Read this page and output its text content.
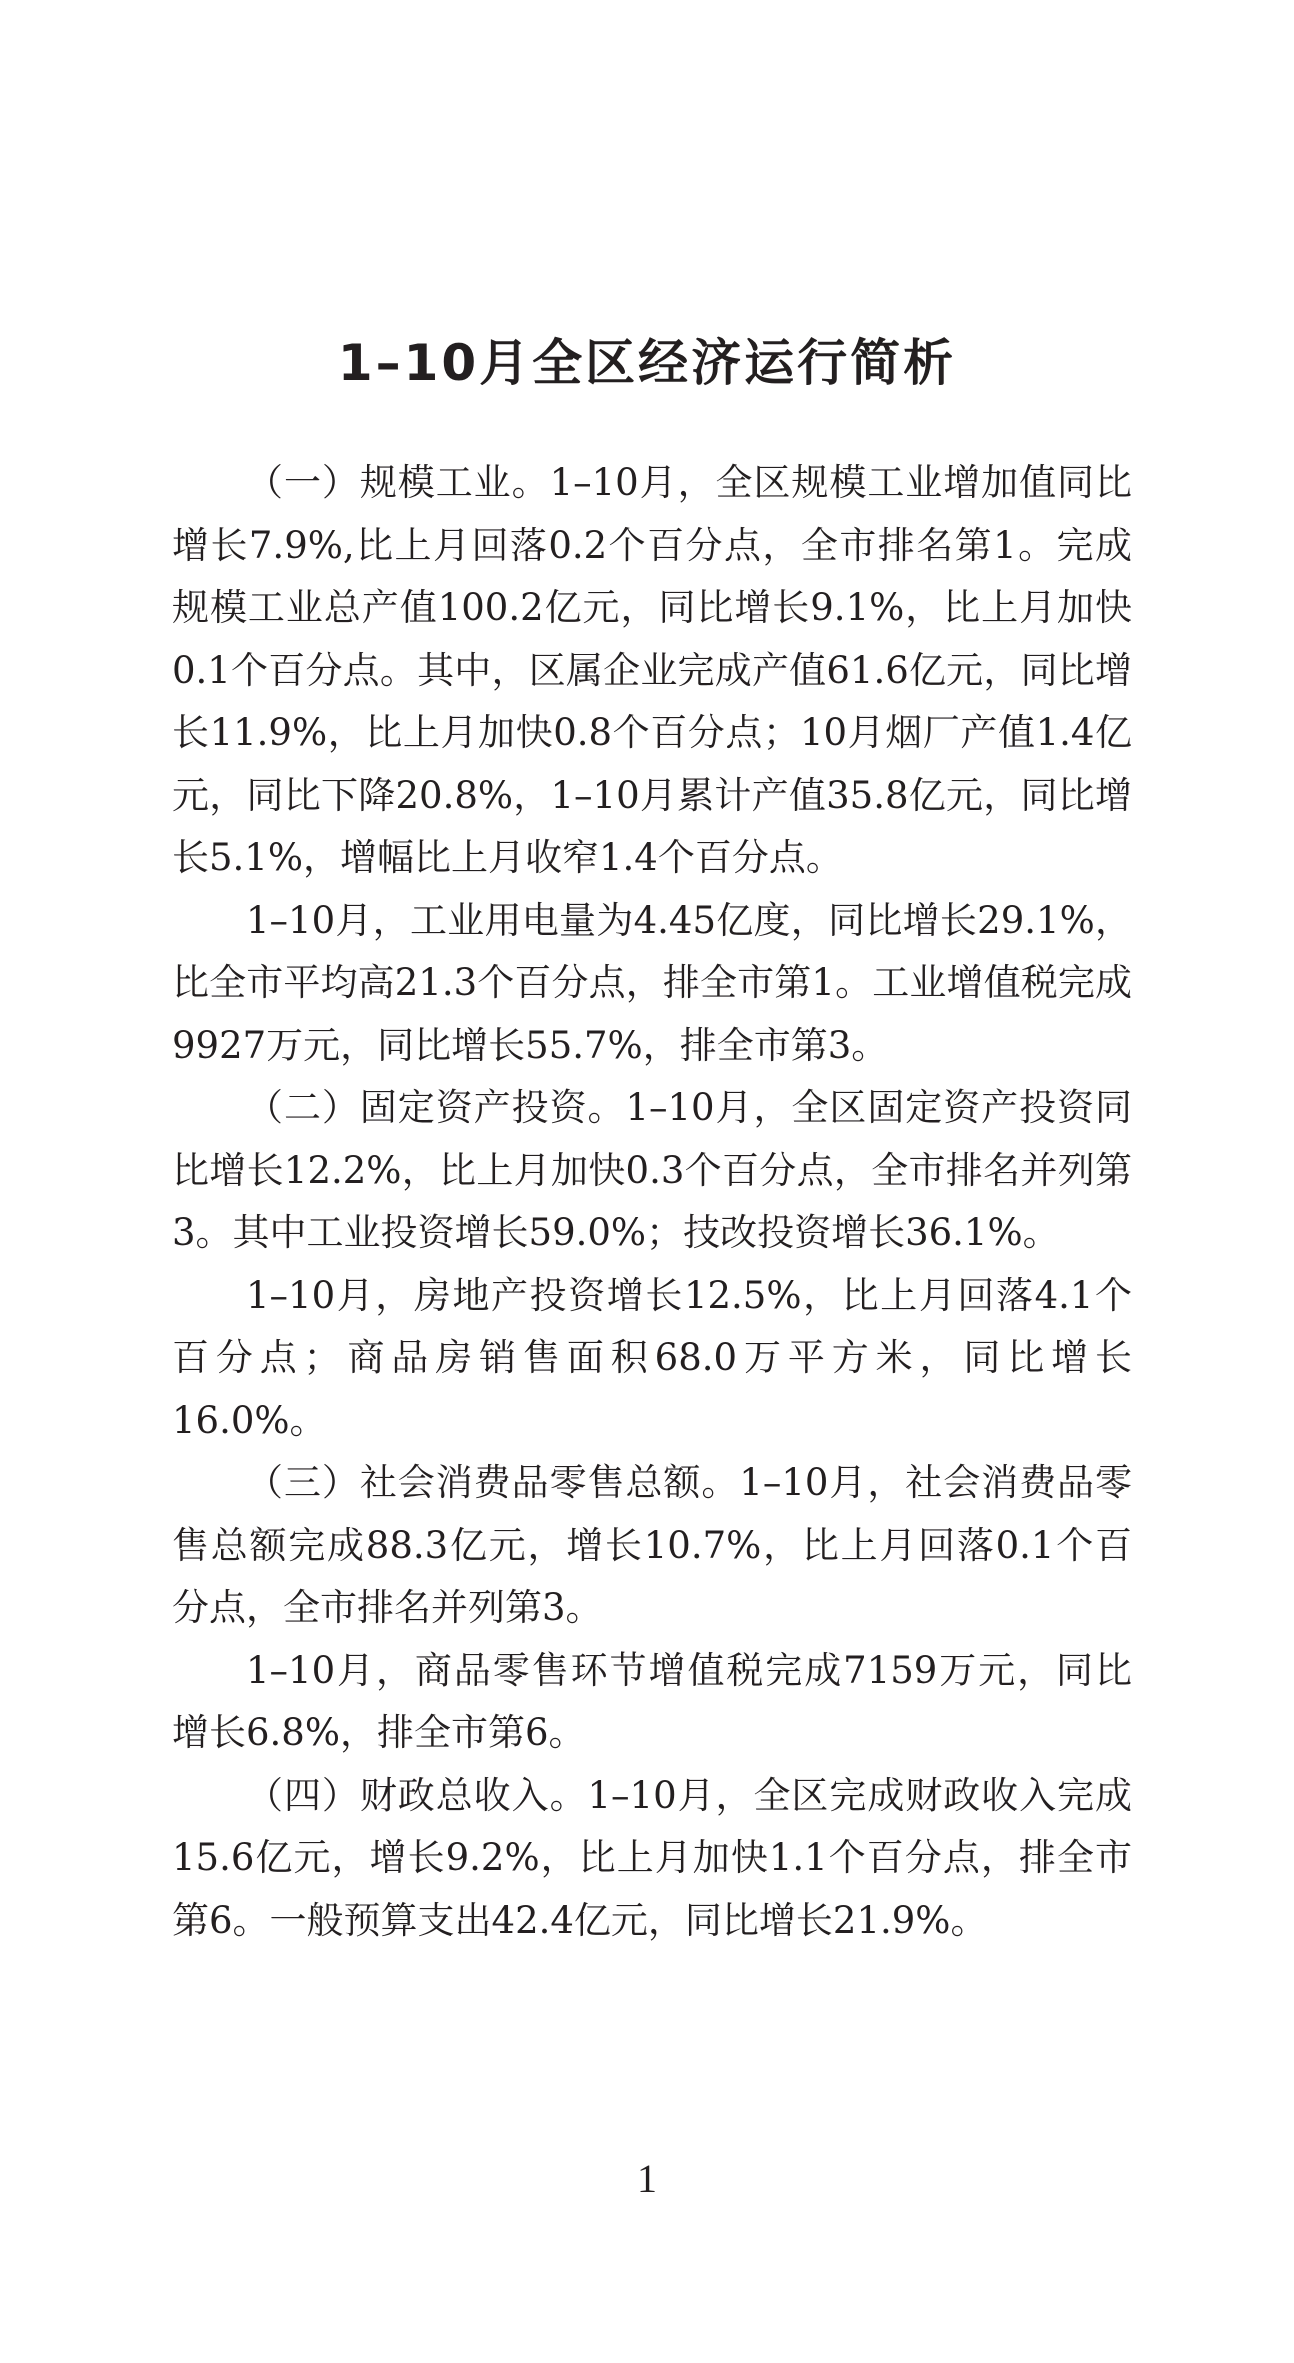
1–10月全区经济运行简析

（一）规模工业。1–10月，全区规模工业增加值同比增长7.9%,比上月回落0.2个百分点，全市排名第1。完成规模工业总产值100.2亿元，同比增长9.1%，比上月加快0.1个百分点。其中，区属企业完成产值61.6亿元，同比增长11.9%，比上月加快0.8个百分点；10月烟厂产值1.4亿元，同比下降20.8%，1–10月累计产值35.8亿元，同比增长5.1%，增幅比上月收窄1.4个百分点。

1–10月，工业用电量为4.45亿度，同比增长29.1%，比全市平均高21.3个百分点，排全市第1。工业增值税完成9927万元，同比增长55.7%，排全市第3。

（二）固定资产投资。1–10月，全区固定资产投资同比增长12.2%，比上月加快0.3个百分点，全市排名并列第3。其中工业投资增长59.0%；技改投资增长36.1%。

1–10月，房地产投资增长12.5%，比上月回落4.1个百分点；商品房销售面积68.0万平方米，同比增长16.0%。

（三）社会消费品零售总额。1–10月，社会消费品零售总额完成88.3亿元，增长10.7%，比上月回落0.1个百分点，全市排名并列第3。

1–10月，商品零售环节增值税完成7159万元，同比增长6.8%，排全市第6。

（四）财政总收入。1–10月，全区完成财政收入完成15.6亿元，增长9.2%，比上月加快1.1个百分点，排全市第6。一般预算支出42.4亿元，同比增长21.9%。

1
